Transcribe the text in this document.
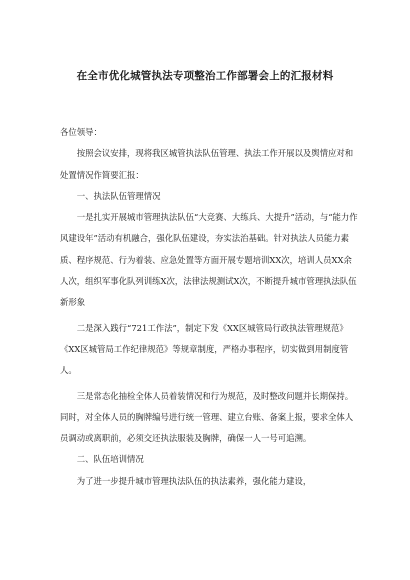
在全市优化城管执法专项整治工作部署会上的汇报材料

各位领导：

按照会议安排，现将我区城管执法队伍管理、执法工作开展以及舆情应对和处置情况作简要汇报：

一、执法队伍管理情况

一是扎实开展城市管理执法队伍“大竞赛、大练兵、大提升”活动，与“能力作风建设年”活动有机融合，强化队伍建设，夯实法治基础。针对执法人员能力素质、程序规范、行为着装、应急处置等方面开展专题培训XX次，培训人员XX余人次，组织军事化队列训练X次，法律法规测试X次，不断提升城市管理执法队伍新形象

二是深入践行“721工作法”，制定下发《XX区城管局行政执法管理规范》《XX区城管局工作纪律规范》等规章制度，严格办事程序，切实做到用制度管人。

三是常态化抽检全体人员着装情况和行为规范，及时整改问题并长期保持。同时，对全体人员的胸牌编号进行统一管理、建立台账、备案上报，要求全体人员调动或离职前，必须交还执法服装及胸牌，确保一人一号可追溯。

二、队伍培训情况

为了进一步提升城市管理执法队伍的执法素养，强化能力建设，
